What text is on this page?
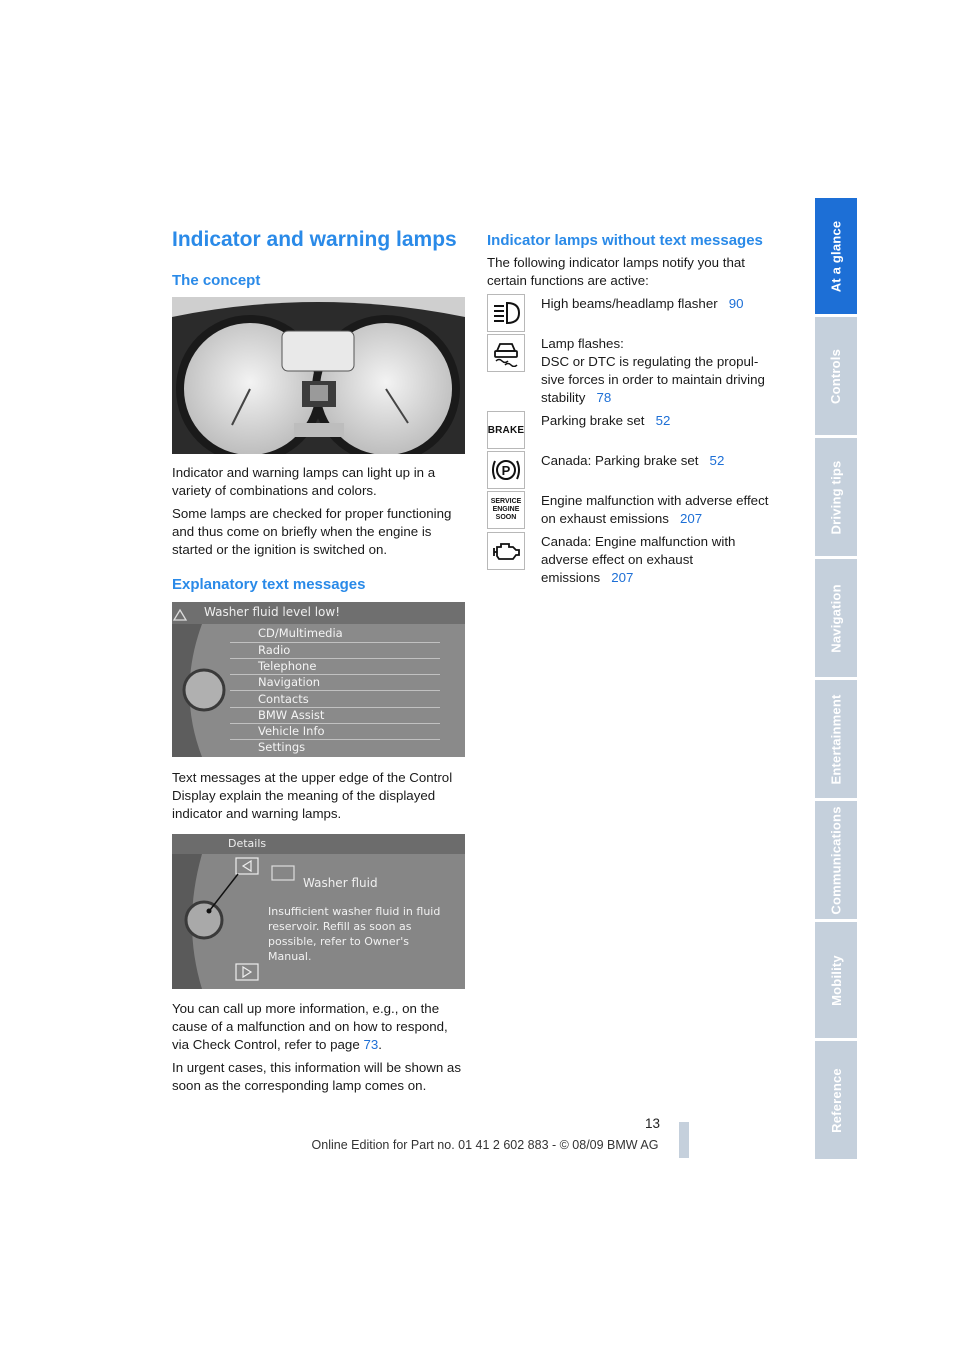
At a glance
Controls
Driving tips
Navigation
Entertainment
Communications
Mobility
Reference
Indicator and warning lamps
The concept

Indicator and warning lamps can light up in a variety of combinations and colors.

Some lamps are checked for proper functioning and thus come on briefly when the engine is started or the ignition is switched on.

Explanatory text messages
Washer fluid level low!
CD/Multimedia
Radio
Telephone
Navigation
Contacts
BMW Assist
Vehicle Info
Settings

Text messages at the upper edge of the Control Display explain the meaning of the displayed indicator and warning lamps.

Details
Washer fluid
Insufficient washer fluid in fluid reservoir. Refill as soon as possible, refer to Owner's Manual.

You can call up more information, e.g., on the cause of a malfunction and on how to respond, via Check Control, refer to page 73.

In urgent cases, this information will be shown as soon as the corresponding lamp comes on.

Indicator lamps without text messages

The following indicator lamps notify you that certain functions are active:

High beams/headlamp flasher 90
Lamp flashes:
DSC or DTC is regulating the propul-sive forces in order to maintain driving stability 78
BRAKE
Parking brake set 52
P
Canada: Parking brake set 52
SERVICE
ENGINE
SOON
Engine malfunction with adverse effect on exhaust emissions 207
Canada: Engine malfunction with adverse effect on exhaust emissions 207
13
Online Edition for Part no. 01 41 2 602 883 - © 08/09 BMW AG
